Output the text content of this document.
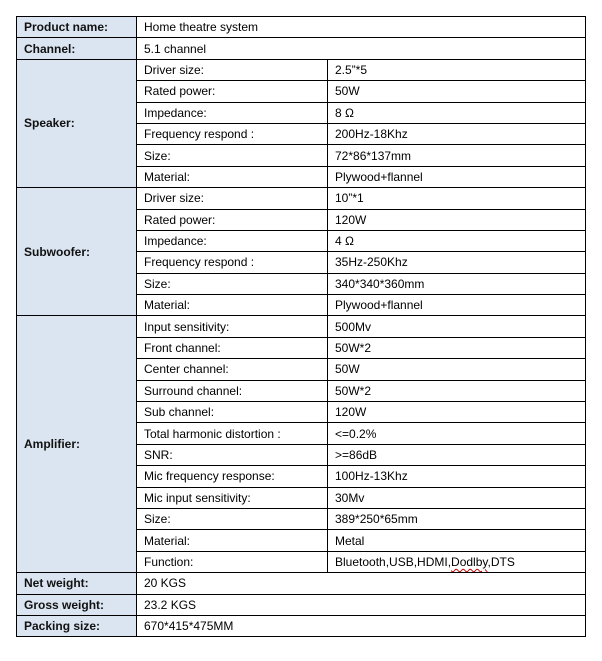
Product name:	Home theatre system	
Channel:	5.1 channel	
Speaker:	Driver size:	2.5”*5
	Rated power:	50W
	Impedance:	8 Ω
	Frequency respond :	200Hz-18Khz
	Size:	72*86*137mm
	Material:	Plywood+flannel
Subwoofer:	Driver size:	10”*1
	Rated power:	120W
	Impedance:	4 Ω
	Frequency respond :	35Hz-250Khz
	Size:	340*340*360mm
	Material:	Plywood+flannel
Amplifier:	Input sensitivity:	500Mv
	Front channel:	50W*2
	Center channel:	50W
	Surround channel:	50W*2
	Sub channel:	120W
	Total harmonic distortion :	<=0.2%
	SNR:	>=86dB
	Mic frequency response:	100Hz-13Khz
	Mic input sensitivity:	30Mv
	Size:	389*250*65mm
	Material:	Metal
	Function:	Bluetooth,USB,HDMI,Dodlby,DTS
Net weight:	20 KGS	
Gross weight:	23.2 KGS	
Packing size:	670*415*475MM	
